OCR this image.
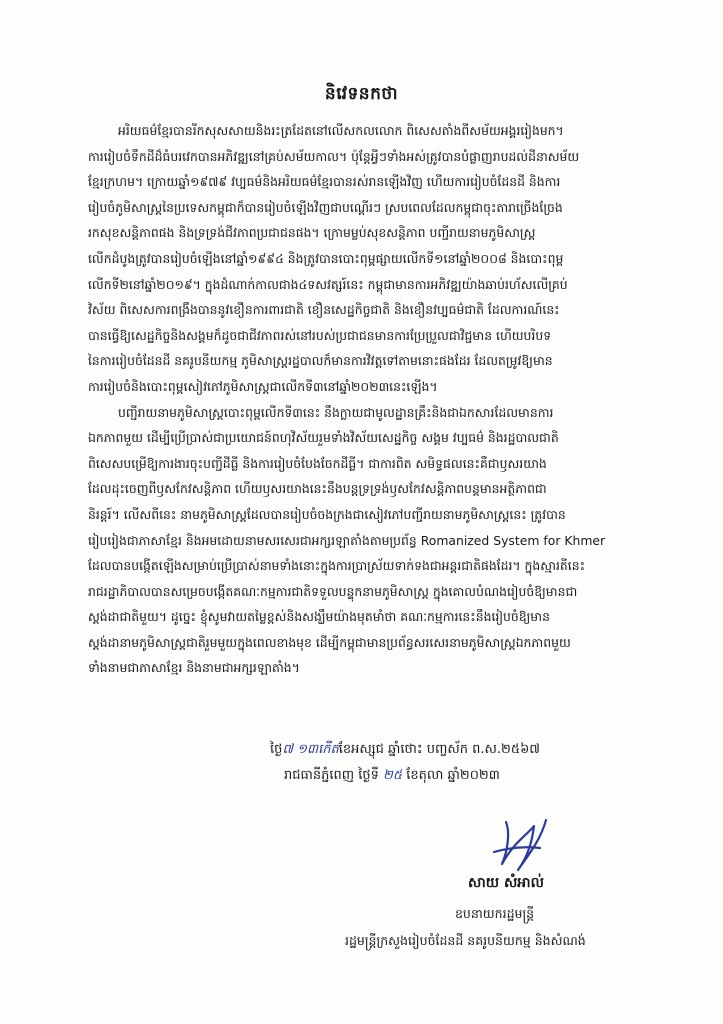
និវេទនកថា

អរិយធម៌ខ្មែរបានរីកសុសសាយនិងរះត្រដែតនៅលើសកលលោក ពិសេសតាំងពីសម័យអង្គររៀងមក។
ការរៀបចំទឹកដីដ៏ធំបរវេកបានអភិវឌ្ឍនៅគ្រប់សម័យកាល។ ប៉ុន្តែអ្វីៗទាំងអស់ត្រូវបានបំផ្លាញរាបដល់ដីនាសម័យ
ខ្មែរក្រហម។ ក្រោយឆ្នាំ១៩៧៩ វប្បធម៌និងអរិយធម៌ខ្មែរបានរស់រានឡើងវិញ ហើយការរៀបចំដែនដី និងការ
រៀបចំភូមិសាស្ត្រនៃប្រទេសកម្ពុជាក៏បានរៀបចំឡើងវិញជាបណ្តើរៗ ស្របពេលដែលកម្ពុជាចុះតារាច្រើងច្រែង
រកសុខសន្តិភាពផង និងទ្រទ្រង់ជីវភាពប្រជាជនផង។ ក្រោមម្លប់សុខសន្តិភាព បញ្ជីរាយនាមភូមិសាស្ត្រ
លើកដំបូងត្រូវបានរៀបចំឡើងនៅឆ្នាំ១៩៩៤ និងត្រូវបានបោះពុម្ពផ្សាយលើកទី១នៅឆ្នាំ២០០៨ និងបោះពុម្ព
លើកទី២នៅឆ្នាំ២០១៩។ ក្នុងដំណាក់កាលជាង៤ទសវត្សរ៍នេះ កម្ពុជាមានការអភិវឌ្ឍយ៉ាងឆាប់រហ័សលើគ្រប់
វិស័យ ពិសេសការពង្រឹងបាននូវខឿនការពារជាតិ ខឿនសេដ្ឋកិច្ចជាតិ និងខឿនវប្បធម៌ជាតិ ដែលការណ៍នេះ
បានធ្វើឱ្យសេដ្ឋកិច្ចនិងសង្គមក៏ដូចជាជីវភាពរស់នៅរបស់ប្រជាជនមានការប្រែប្រួលជាវិជ្ជមាន ហើយបរិបទ
នៃការរៀបចំដែនដី នគរូបនីយកម្ម ភូមិសាស្ត្ររដ្ឋបាលក៏មានការវិវត្តទៅតាមនោះផងដែរ ដែលតម្រូវឱ្យមាន
ការរៀបចំនិងបោះពុម្ពសៀវភៅភូមិសាស្ត្រជាលើកទី៣នៅឆ្នាំ២០២៣នេះឡើង។

បញ្ជីរាយនាមភូមិសាស្ត្របោះពុម្ពលើកទី៣នេះ នឹងក្លាយជាមូលដ្ឋានគ្រឹះនិងជាឯកសារដែលមានការ
ឯកភាពមួយ ដើម្បីប្រើប្រាស់ជាប្រយោជន៍ពហុវិស័យរួមទាំងវិស័យសេដ្ឋកិច្ច សង្គម វប្បធម៌ និងរដ្ឋបាលជាតិ
ពិសេសបម្រើឱ្យការងារចុះបញ្ជីដីធ្លី និងការរៀបចំបែងចែកដីធ្លី។ ជាការពិត សមិទ្ធផលនេះគឺជាឫសរយាង
ដែលដុះចេញពីឫសកែវសន្តិភាព ហើយឫសរយាងនេះនឹងបន្តទ្រទ្រង់ឫសកែវសន្តិភាពបន្តមានអត្ថិភាពជា
និរន្តរ៍។ លើសពីនេះ នាមភូមិសាស្ត្រដែលបានរៀបចំចងក្រងជាសៀវភៅបញ្ជីរាយនាមភូមិសាស្ត្រនេះ ត្រូវបាន
រៀបរៀងជាភាសាខ្មែរ និងអមដោយនាមសរសេរជាអក្សរឡាតាំងតាមប្រព័ន្ធ Romanized System for Khmer
ដែលបានបង្កើតឡើងសម្រាប់ប្រើប្រាស់នាមទាំងនោះក្នុងការប្រាស្រ័យទាក់ទងជាអន្តរជាតិផងដែរ។ ក្នុងស្មារតីនេះ
រាជរដ្ឋាភិបាលបានសម្រេចបង្កើតគណៈកម្មការជាតិទទួលបន្ទុកនាមភូមិសាស្ត្រ ក្នុងគោលបំណងរៀបចំឱ្យមានជា
ស្តង់ដាជាតិមួយ។ ដូច្នេះ ខ្ញុំសូមវាយតម្លៃខ្ពស់និងសង្ឃឹមយ៉ាងមុតមាំថា គណៈកម្មការនេះនឹងរៀបចំឱ្យមាន
ស្តង់ដានាមភូមិសាស្ត្រជាតិរួមមួយក្នុងពេលខាងមុខ ដើម្បីកម្ពុជាមានប្រព័ន្ធសរសេរនាមភូមិសាស្ត្រឯកភាពមួយ
ទាំងនាមជាភាសាខ្មែរ និងនាមជាអក្សរឡាតាំង។

ថ្ងៃ៧ ១៣កើតខែអស្សុជ ឆ្នាំថោះ បញ្ចស័ក ព.ស.២៥៦៧
រាជធានីភ្នំពេញ ថ្ងៃទី ២៥ ខែតុលា ឆ្នាំ២០២៣
សាយ សំអាល់
ឧបនាយករដ្ឋមន្ត្រី
រដ្ឋមន្ត្រីក្រសួងរៀបចំដែនដី នគរូបនីយកម្ម និងសំណង់
